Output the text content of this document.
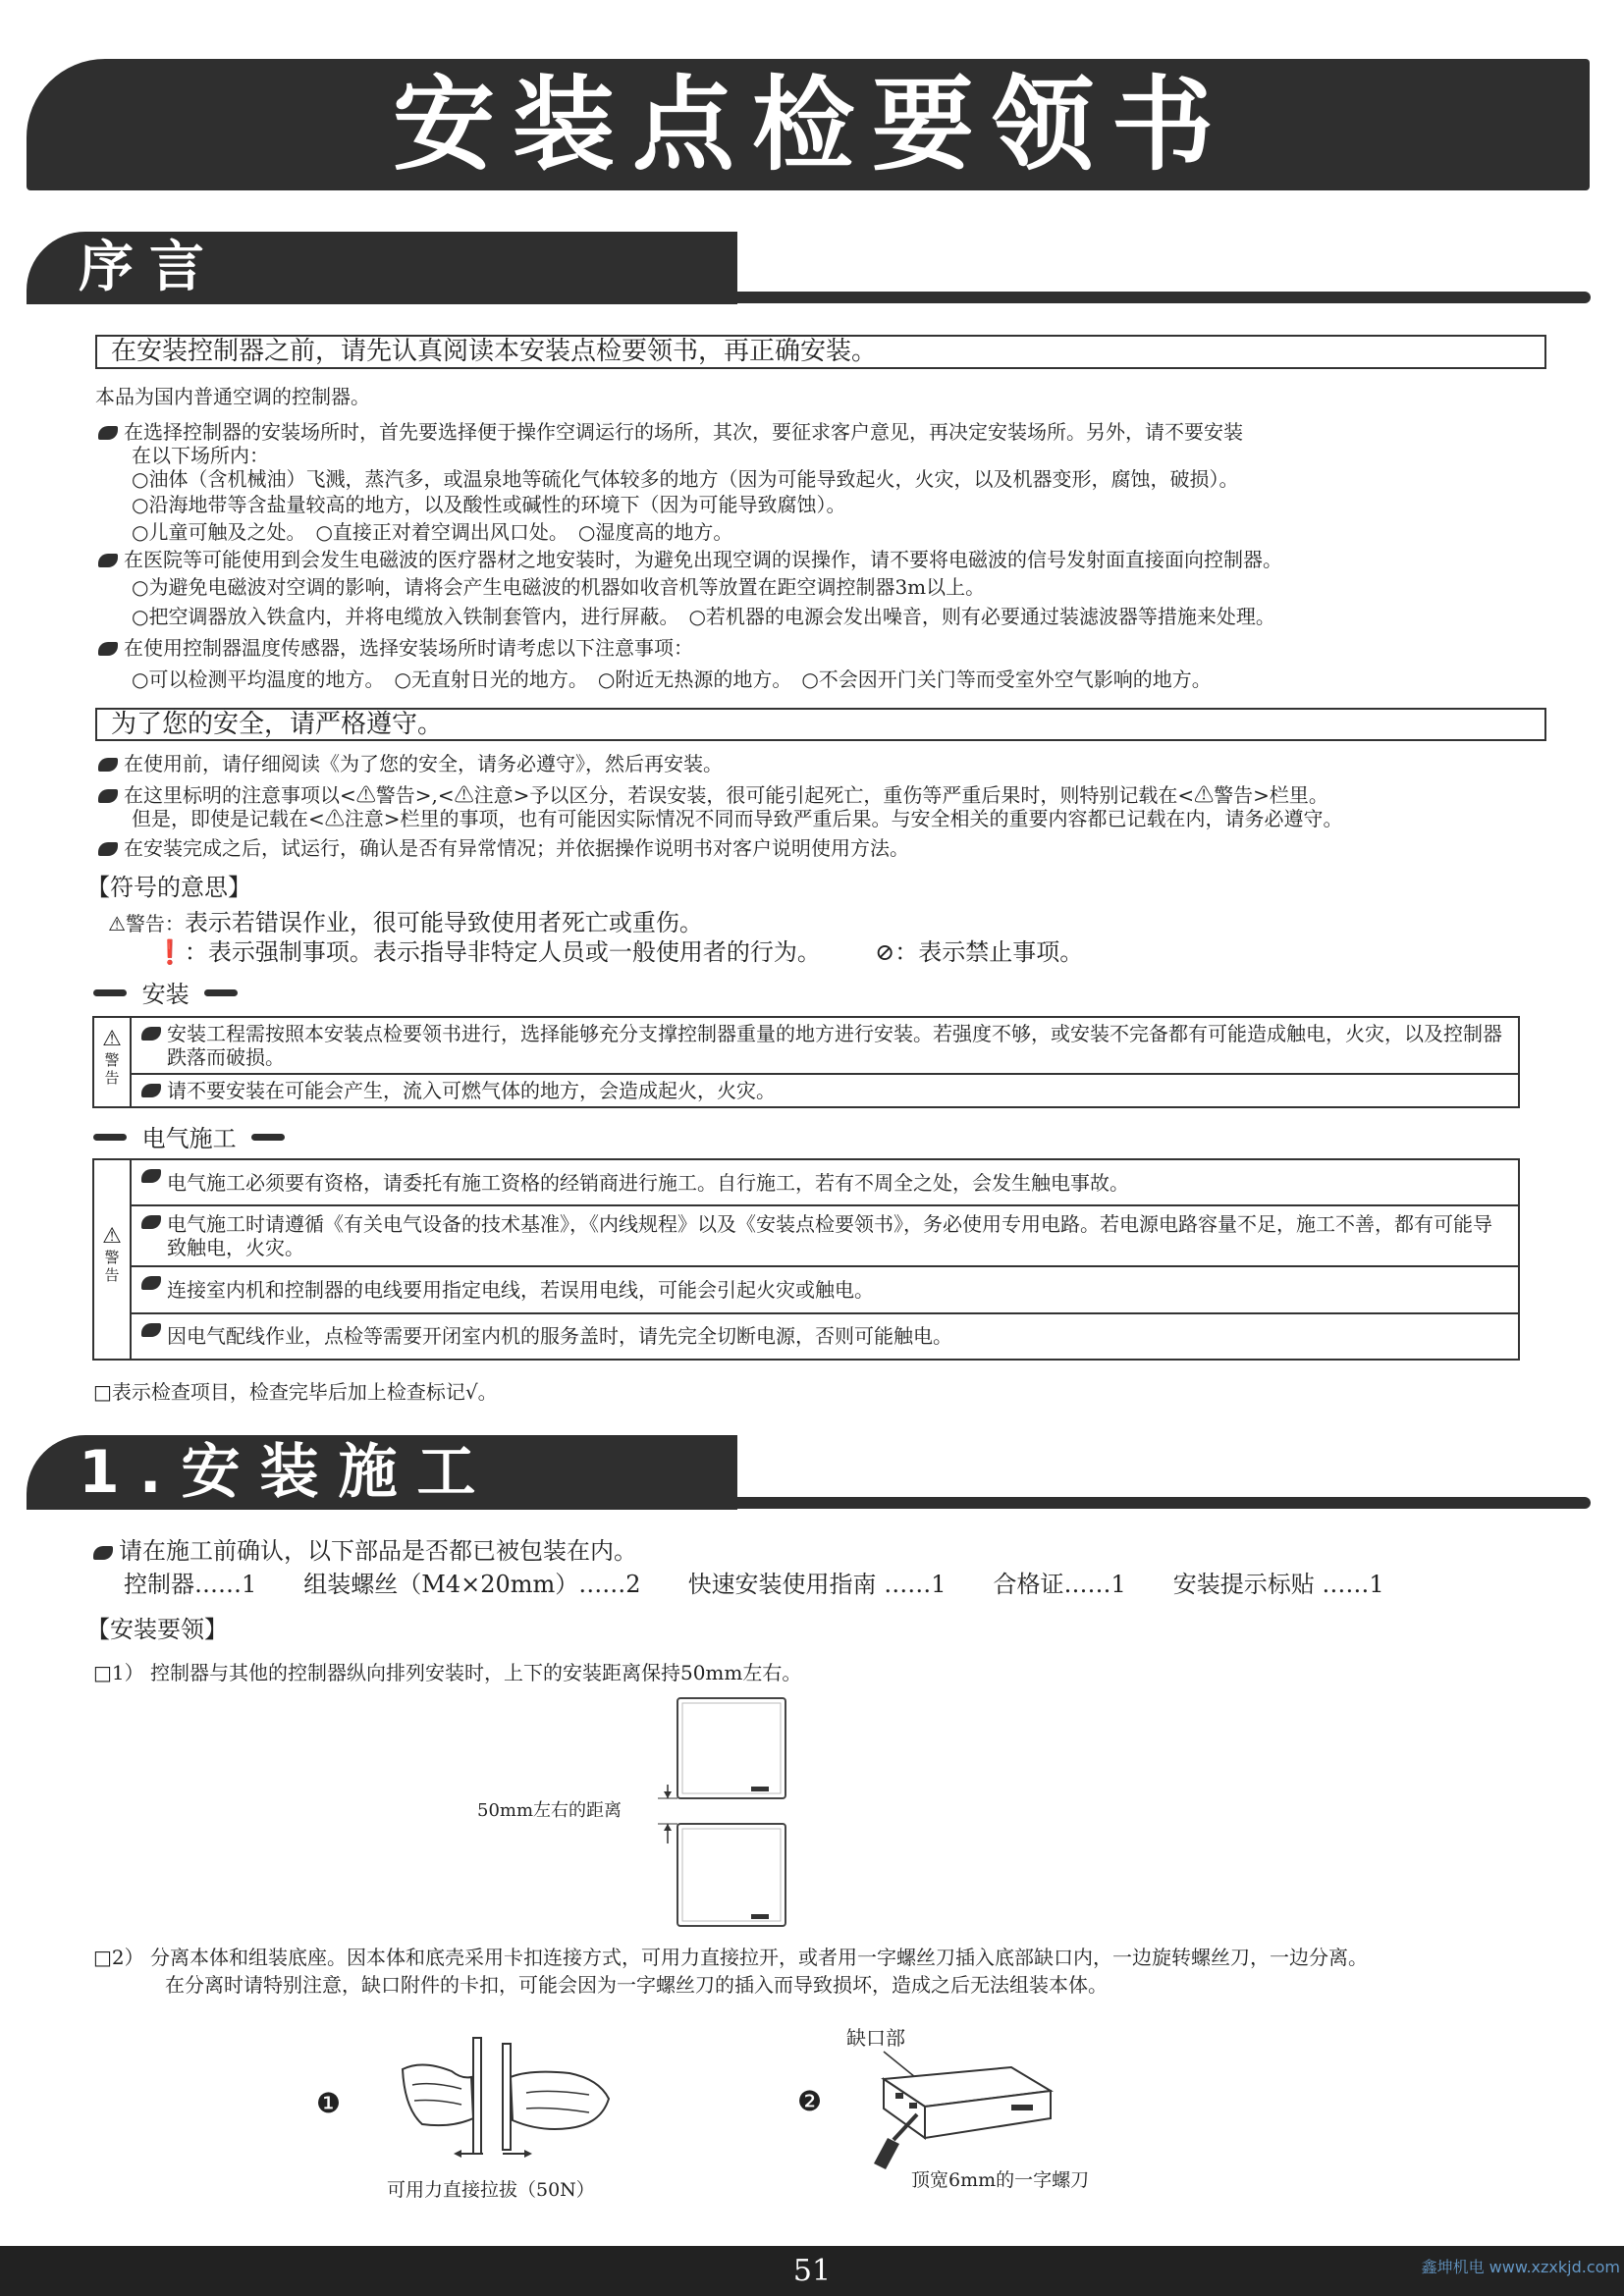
安装点检要领书
序言
在安装控制器之前，请先认真阅读本安装点检要领书，再正确安装。
本品为国内普通空调的控制器。
在选择控制器的安装场所时，首先要选择便于操作空调运行的场所，其次，要征求客户意见，再决定安装场所。另外，请不要安装
在以下场所内：
○油体（含机械油）飞溅，蒸汽多，或温泉地等硫化气体较多的地方（因为可能导致起火，火灾，以及机器变形，腐蚀，破损）。
○沿海地带等含盐量较高的地方，以及酸性或碱性的环境下（因为可能导致腐蚀）。
○儿童可触及之处。　○直接正对着空调出风口处。　○湿度高的地方。
在医院等可能使用到会发生电磁波的医疗器材之地安装时，为避免出现空调的误操作，请不要将电磁波的信号发射面直接面向控制器。
○为避免电磁波对空调的影响，请将会产生电磁波的机器如收音机等放置在距空调控制器3m以上。
○把空调器放入铁盒内，并将电缆放入铁制套管内，进行屏蔽。　○若机器的电源会发出噪音，则有必要通过装滤波器等措施来处理。
在使用控制器温度传感器，选择安装场所时请考虑以下注意事项：
○可以检测平均温度的地方。　○无直射日光的地方。　○附近无热源的地方。　○不会因开门关门等而受室外空气影响的地方。
为了您的安全，请严格遵守。
在使用前，请仔细阅读《为了您的安全，请务必遵守》，然后再安装。
在这里标明的注意事项以<⚠警告>,<⚠注意>予以区分，若误安装，很可能引起死亡，重伤等严重后果时，则特别记载在<⚠警告>栏里。
但是，即使是记载在<⚠注意>栏里的事项，也有可能因实际情况不同而导致严重后果。与安全相关的重要内容都已记载在内，请务必遵守。
在安装完成之后，试运行，确认是否有异常情况；并依据操作说明书对客户说明使用方法。
【符号的意思】
⚠警告：表示若错误作业，很可能导致使用者死亡或重伤。
❗：表示强制事项。表示指导非特定人员或一般使用者的行为。 ⊘：表示禁止事项。
安装
⚠
警告
安装工程需按照本安装点检要领书进行，选择能够充分支撑控制器重量的地方进行安装。若强度不够，或安装不完备都有可能造成触电，火灾，以及控制器跌落而破损。
请不要安装在可能会产生，流入可燃气体的地方，会造成起火，火灾。
电气施工
⚠
警告
电气施工必须要有资格，请委托有施工资格的经销商进行施工。自行施工，若有不周全之处，会发生触电事故。
电气施工时请遵循《有关电气设备的技术基准》，《内线规程》以及《安装点检要领书》，务必使用专用电路。若电源电路容量不足，施工不善，都有可能导致触电，火灾。
连接室内机和控制器的电线要用指定电线，若误用电线，可能会引起火灾或触电。
因电气配线作业，点检等需要开闭室内机的服务盖时，请先完全切断电源，否则可能触电。
□表示检查项目，检查完毕后加上检查标记√。
1.安装施工
请在施工前确认，以下部品是否都已被包装在内。
控制器……1 组装螺丝（M4×20mm）……2 快速安装使用指南 ……1 合格证……1 安装提示标贴 ……1
【安装要领】
□1） 控制器与其他的控制器纵向排列安装时，上下的安装距离保持50mm左右。
50mm左右的距离
□2） 分离本体和组装底座。因本体和底壳采用卡扣连接方式，可用力直接拉开，或者用一字螺丝刀插入底部缺口内，一边旋转螺丝刀，一边分离。
在分离时请特别注意，缺口附件的卡扣，可能会因为一字螺丝刀的插入而导致损坏，造成之后无法组装本体。
❶
可用力直接拉拔（50N）
❷
缺口部
顶宽6mm的一字螺刀
51	鑫坤机电 www.xzxkjd.com
